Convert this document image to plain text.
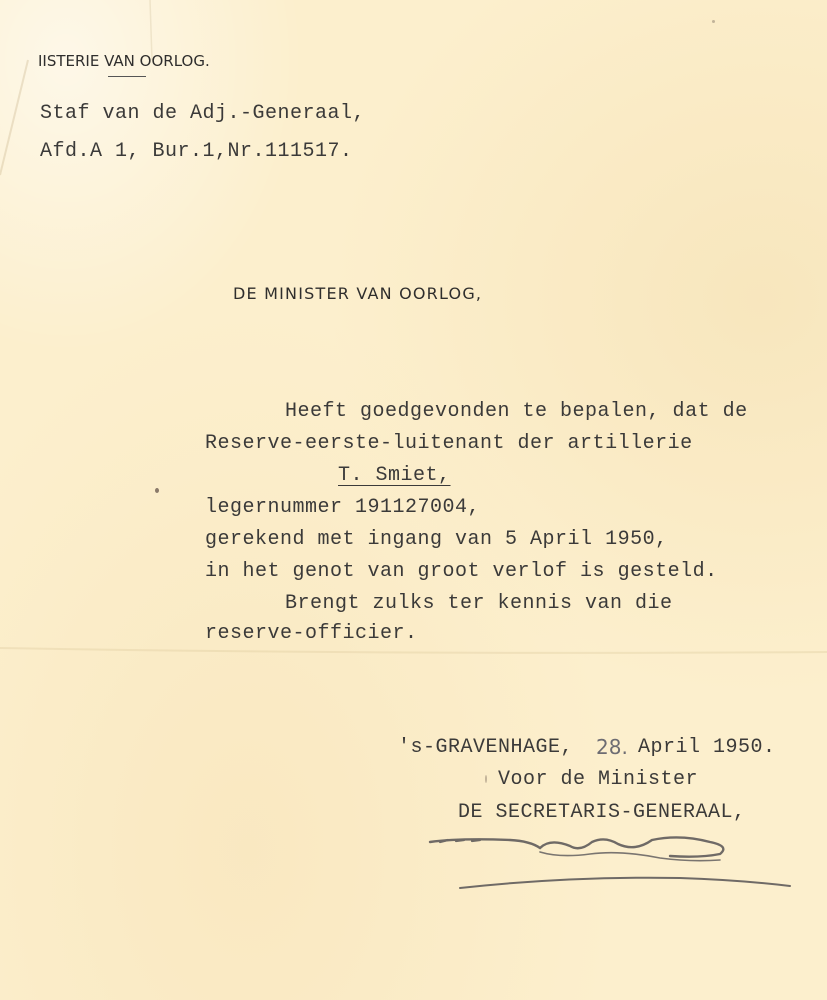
IISTERIE VAN OORLOG.

Staf van de Adj.-Generaal,

Afd.A 1, Bur.1,Nr.111517.

DE MINISTER VAN OORLOG,

Heeft goedgevonden te bepalen, dat de

Reserve-eerste-luitenant der artillerie

T. Smiet,

legernummer 191127004,

gerekend met ingang van 5 April 1950,

in het genot van groot verlof is gesteld.

Brengt zulks ter kennis van die

reserve-officier.

's-GRAVENHAGE, 28. April 1950.

Voor de Minister

DE SECRETARIS-GENERAAL,
